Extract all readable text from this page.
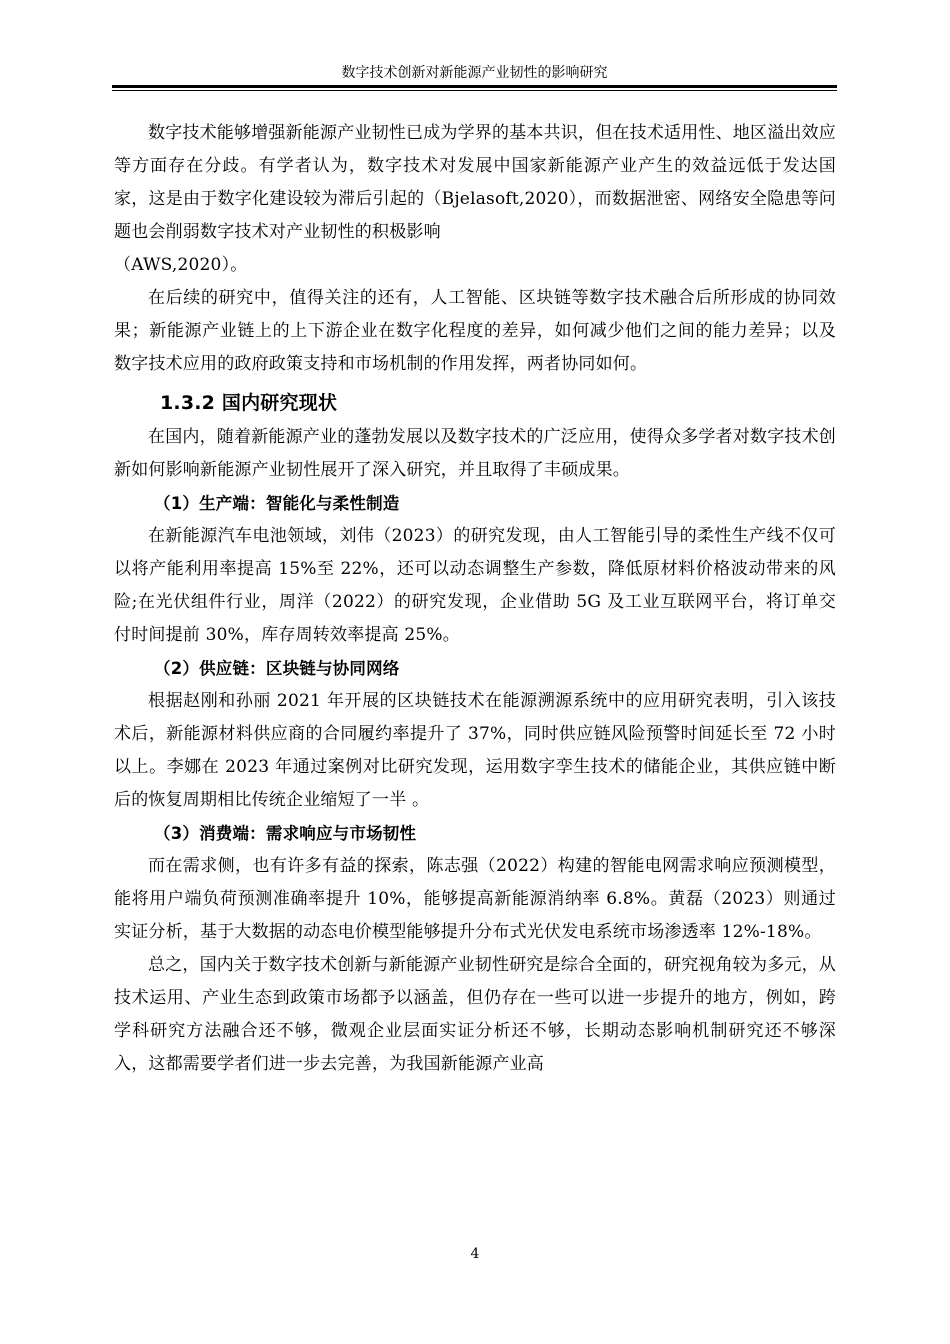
数字技术创新对新能源产业韧性的影响研究

数字技术能够增强新能源产业韧性已成为学界的基本共识，但在技术适用性、地区溢出效应等方面存在分歧。有学者认为，数字技术对发展中国家新能源产业产生的效益远低于发达国家，这是由于数字化建设较为滞后引起的（Bjelasoft,2020），而数据泄密、网络安全隐患等问题也会削弱数字技术对产业韧性的积极影响

（AWS,2020）。

在后续的研究中，值得关注的还有，人工智能、区块链等数字技术融合后所形成的协同效果；新能源产业链上的上下游企业在数字化程度的差异，如何减少他们之间的能力差异；以及数字技术应用的政府政策支持和市场机制的作用发挥，两者协同如何。

1.3.2 国内研究现状

在国内，随着新能源产业的蓬勃发展以及数字技术的广泛应用，使得众多学者对数字技术创新如何影响新能源产业韧性展开了深入研究，并且取得了丰硕成果。

（1）生产端：智能化与柔性制造

在新能源汽车电池领域，刘伟（2023）的研究发现，由人工智能引导的柔性生产线不仅可以将产能利用率提高 15%至 22%，还可以动态调整生产参数，降低原材料价格波动带来的风险;在光伏组件行业，周洋（2022）的研究发现，企业借助 5G 及工业互联网平台，将订单交付时间提前 30%，库存周转效率提高 25%。

（2）供应链：区块链与协同网络

根据赵刚和孙丽 2021 年开展的区块链技术在能源溯源系统中的应用研究表明，引入该技术后，新能源材料供应商的合同履约率提升了 37%，同时供应链风险预警时间延长至 72 小时以上。李娜在 2023 年通过案例对比研究发现，运用数字孪生技术的储能企业，其供应链中断后的恢复周期相比传统企业缩短了一半 。

（3）消费端：需求响应与市场韧性

而在需求侧，也有许多有益的探索，陈志强（2022）构建的智能电网需求响应预测模型，能将用户端负荷预测准确率提升 10%，能够提高新能源消纳率 6.8%。黄磊（2023）则通过实证分析，基于大数据的动态电价模型能够提升分布式光伏发电系统市场渗透率 12%-18%。

总之，国内关于数字技术创新与新能源产业韧性研究是综合全面的，研究视角较为多元，从技术运用、产业生态到政策市场都予以涵盖，但仍存在一些可以进一步提升的地方，例如，跨学科研究方法融合还不够，微观企业层面实证分析还不够，长期动态影响机制研究还不够深入，这都需要学者们进一步去完善，为我国新能源产业高

4
